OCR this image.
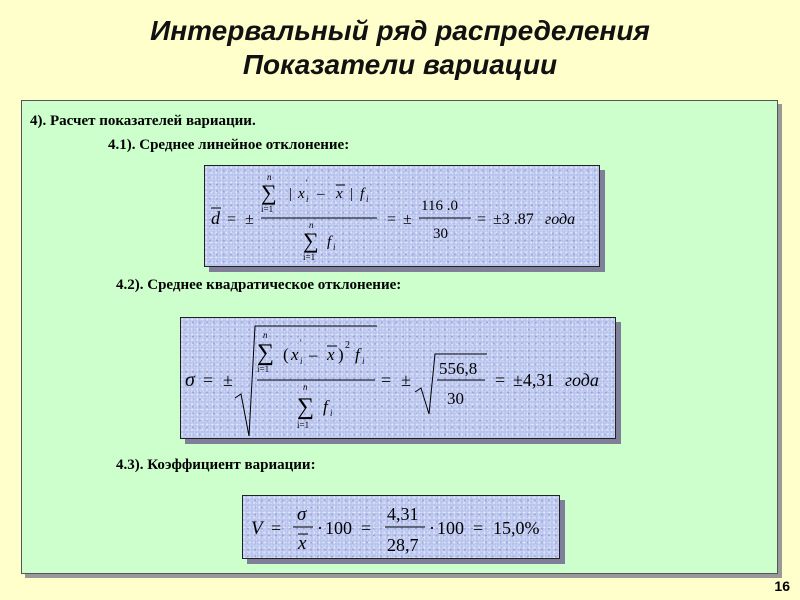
Интервальный ряд распределения
Показатели вариации
4). Расчет показателей вариации.
4.1). Среднее линейное отклонение:
d = ±
n
∑
i=1
| x
'
i – x | f i
n
∑
i=1
f i
= ±
116 .0
30
= ±3 .87 года
4.2). Среднее квадратическое отклонение:
σ = ±
n
∑
i=1
( x
'
i – x ) 2 f i
n
∑
i=1
f i
= ±
556,8
30
= ±4,31 года
4.3). Коэффициент вариации:
V =
σ
x
· 100 =
4,31
28,7
· 100 = 15,0%
16
